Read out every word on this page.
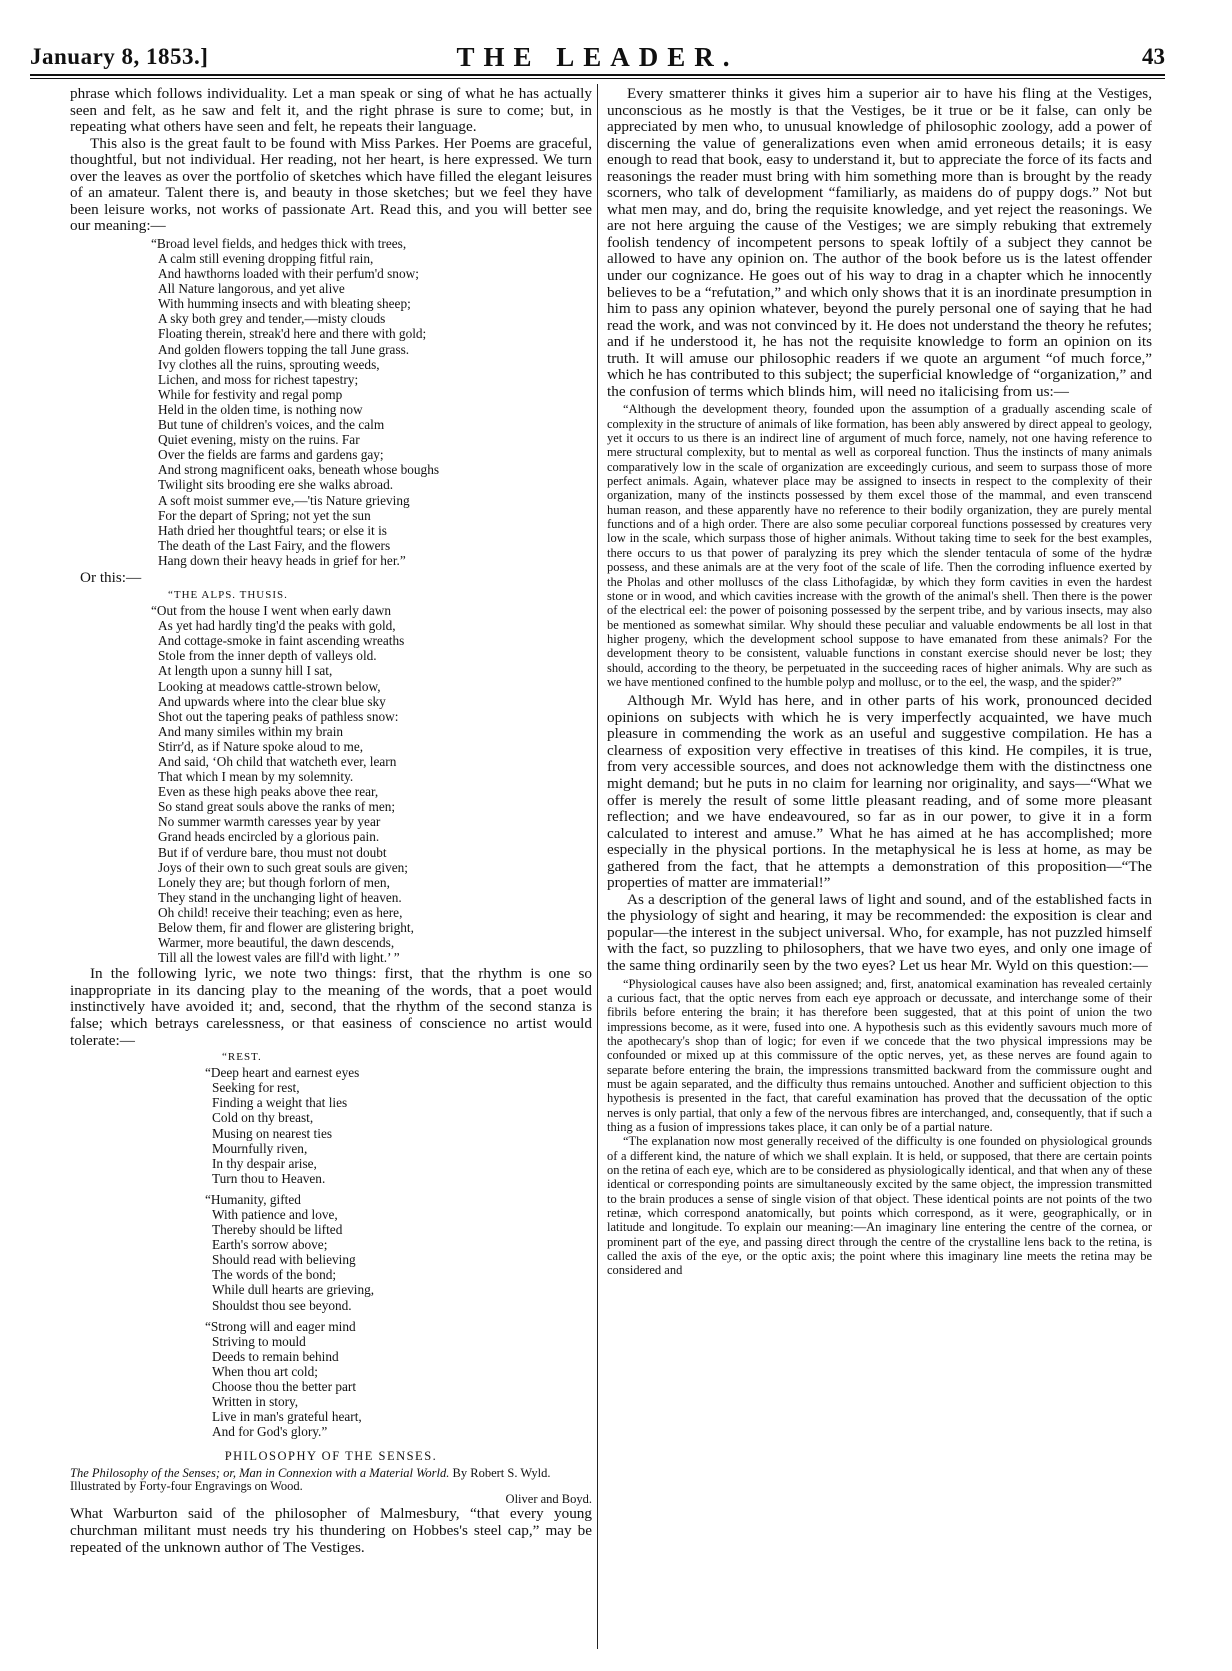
January 8, 1853.]	THE LEADER.	43

phrase which follows individuality. Let a man speak or sing of what he has actually seen and felt, as he saw and felt it, and the right phrase is sure to come; but, in repeating what others have seen and felt, he repeats their language.

This also is the great fault to be found with Miss Parkes. Her Poems are graceful, thoughtful, but not individual. Her reading, not her heart, is here expressed. We turn over the leaves as over the portfolio of sketches which have filled the elegant leisures of an amateur. Talent there is, and beauty in those sketches; but we feel they have been leisure works, not works of passionate Art. Read this, and you will better see our meaning:—

“Broad level fields, and hedges thick with trees,
A calm still evening dropping fitful rain,
And hawthorns loaded with their perfum'd snow;
All Nature langorous, and yet alive
With humming insects and with bleating sheep;
A sky both grey and tender,—misty clouds
Floating therein, streak'd here and there with gold;
And golden flowers topping the tall June grass.
Ivy clothes all the ruins, sprouting weeds,
Lichen, and moss for richest tapestry;
While for festivity and regal pomp
Held in the olden time, is nothing now
But tune of children's voices, and the calm
Quiet evening, misty on the ruins. Far
Over the fields are farms and gardens gay;
And strong magnificent oaks, beneath whose boughs
Twilight sits brooding ere she walks abroad.
A soft moist summer eve,—'tis Nature grieving
For the depart of Spring; not yet the sun
Hath dried her thoughtful tears; or else it is
The death of the Last Fairy, and the flowers
Hang down their heavy heads in grief for her.”
Or this:—
“THE ALPS. THUSIS.
“Out from the house I went when early dawn
As yet had hardly ting'd the peaks with gold,
And cottage-smoke in faint ascending wreaths
Stole from the inner depth of valleys old.
At length upon a sunny hill I sat,
Looking at meadows cattle-strown below,
And upwards where into the clear blue sky
Shot out the tapering peaks of pathless snow:
And many similes within my brain
Stirr'd, as if Nature spoke aloud to me,
And said, ‘Oh child that watcheth ever, learn
That which I mean by my solemnity.
Even as these high peaks above thee rear,
So stand great souls above the ranks of men;
No summer warmth caresses year by year
Grand heads encircled by a glorious pain.
But if of verdure bare, thou must not doubt
Joys of their own to such great souls are given;
Lonely they are; but though forlorn of men,
They stand in the unchanging light of heaven.
Oh child! receive their teaching; even as here,
Below them, fir and flower are glistering bright,
Warmer, more beautiful, the dawn descends,
Till all the lowest vales are fill'd with light.’ ”

In the following lyric, we note two things: first, that the rhythm is one so inappropriate in its dancing play to the meaning of the words, that a poet would instinctively have avoided it; and, second, that the rhythm of the second stanza is false; which betrays carelessness, or that easiness of conscience no artist would tolerate:—

“REST.
“Deep heart and earnest eyes
Seeking for rest,
Finding a weight that lies
Cold on thy breast,
Musing on nearest ties
Mournfully riven,
In thy despair arise,
Turn thou to Heaven.
“Humanity, gifted
With patience and love,
Thereby should be lifted
Earth's sorrow above;
Should read with believing
The words of the bond;
While dull hearts are grieving,
Shouldst thou see beyond.
“Strong will and eager mind
Striving to mould
Deeds to remain behind
When thou art cold;
Choose thou the better part
Written in story,
Live in man's grateful heart,
And for God's glory.”
PHILOSOPHY OF THE SENSES.
The Philosophy of the Senses; or, Man in Connexion with a Material World. By Robert S. Wyld. Illustrated by Forty-four Engravings on Wood.
Oliver and Boyd.

What Warburton said of the philosopher of Malmesbury, “that every young churchman militant must needs try his thundering on Hobbes's steel cap,” may be repeated of the unknown author of The Vestiges.

Every smatterer thinks it gives him a superior air to have his fling at the Vestiges, unconscious as he mostly is that the Vestiges, be it true or be it false, can only be appreciated by men who, to unusual knowledge of philosophic zoology, add a power of discerning the value of generalizations even when amid erroneous details; it is easy enough to read that book, easy to understand it, but to appreciate the force of its facts and reasonings the reader must bring with him something more than is brought by the ready scorners, who talk of development “familiarly, as maidens do of puppy dogs.” Not but what men may, and do, bring the requisite knowledge, and yet reject the reasonings. We are not here arguing the cause of the Vestiges; we are simply rebuking that extremely foolish tendency of incompetent persons to speak loftily of a subject they cannot be allowed to have any opinion on. The author of the book before us is the latest offender under our cognizance. He goes out of his way to drag in a chapter which he innocently believes to be a “refutation,” and which only shows that it is an inordinate presumption in him to pass any opinion whatever, beyond the purely personal one of saying that he had read the work, and was not convinced by it. He does not understand the theory he refutes; and if he understood it, he has not the requisite knowledge to form an opinion on its truth. It will amuse our philosophic readers if we quote an argument “of much force,” which he has contributed to this subject; the superficial knowledge of “organization,” and the confusion of terms which blinds him, will need no italicising from us:—

“Although the development theory, founded upon the assumption of a gradually ascending scale of complexity in the structure of animals of like formation, has been ably answered by direct appeal to geology, yet it occurs to us there is an indirect line of argument of much force, namely, not one having reference to mere structural complexity, but to mental as well as corporeal function. Thus the instincts of many animals comparatively low in the scale of organization are exceedingly curious, and seem to surpass those of more perfect animals. Again, whatever place may be assigned to insects in respect to the complexity of their organization, many of the instincts possessed by them excel those of the mammal, and even transcend human reason, and these apparently have no reference to their bodily organization, they are purely mental functions and of a high order. There are also some peculiar corporeal functions possessed by creatures very low in the scale, which surpass those of higher animals. Without taking time to seek for the best examples, there occurs to us that power of paralyzing its prey which the slender tentacula of some of the hydræ possess, and these animals are at the very foot of the scale of life. Then the corroding influence exerted by the Pholas and other molluscs of the class Lithofagidæ, by which they form cavities in even the hardest stone or in wood, and which cavities increase with the growth of the animal's shell. Then there is the power of the electrical eel: the power of poisoning possessed by the serpent tribe, and by various insects, may also be mentioned as somewhat similar. Why should these peculiar and valuable endowments be all lost in that higher progeny, which the development school suppose to have emanated from these animals? For the development theory to be consistent, valuable functions in constant exercise should never be lost; they should, according to the theory, be perpetuated in the succeeding races of higher animals. Why are such as we have mentioned confined to the humble polyp and mollusc, or to the eel, the wasp, and the spider?”

Although Mr. Wyld has here, and in other parts of his work, pronounced decided opinions on subjects with which he is very imperfectly acquainted, we have much pleasure in commending the work as an useful and suggestive compilation. He has a clearness of exposition very effective in treatises of this kind. He compiles, it is true, from very accessible sources, and does not acknowledge them with the distinctness one might demand; but he puts in no claim for learning nor originality, and says—“What we offer is merely the result of some little pleasant reading, and of some more pleasant reflection; and we have endeavoured, so far as in our power, to give it in a form calculated to interest and amuse.” What he has aimed at he has accomplished; more especially in the physical portions. In the metaphysical he is less at home, as may be gathered from the fact, that he attempts a demonstration of this proposition—“The properties of matter are immaterial!”

As a description of the general laws of light and sound, and of the established facts in the physiology of sight and hearing, it may be recommended: the exposition is clear and popular—the interest in the subject universal. Who, for example, has not puzzled himself with the fact, so puzzling to philosophers, that we have two eyes, and only one image of the same thing ordinarily seen by the two eyes? Let us hear Mr. Wyld on this question:—

“Physiological causes have also been assigned; and, first, anatomical examination has revealed certainly a curious fact, that the optic nerves from each eye approach or decussate, and interchange some of their fibrils before entering the brain; it has therefore been suggested, that at this point of union the two impressions become, as it were, fused into one. A hypothesis such as this evidently savours much more of the apothecary's shop than of logic; for even if we concede that the two physical impressions may be confounded or mixed up at this commissure of the optic nerves, yet, as these nerves are found again to separate before entering the brain, the impressions transmitted backward from the commissure ought and must be again separated, and the difficulty thus remains untouched. Another and sufficient objection to this hypothesis is presented in the fact, that careful examination has proved that the decussation of the optic nerves is only partial, that only a few of the nervous fibres are interchanged, and, consequently, that if such a thing as a fusion of impressions takes place, it can only be of a partial nature.

“The explanation now most generally received of the difficulty is one founded on physiological grounds of a different kind, the nature of which we shall explain. It is held, or supposed, that there are certain points on the retina of each eye, which are to be considered as physiologically identical, and that when any of these identical or corresponding points are simultaneously excited by the same object, the impression transmitted to the brain produces a sense of single vision of that object. These identical points are not points of the two retinæ, which correspond anatomically, but points which correspond, as it were, geographically, or in latitude and longitude. To explain our meaning:—An imaginary line entering the centre of the cornea, or prominent part of the eye, and passing direct through the centre of the crystalline lens back to the retina, is called the axis of the eye, or the optic axis; the point where this imaginary line meets the retina may be considered and
